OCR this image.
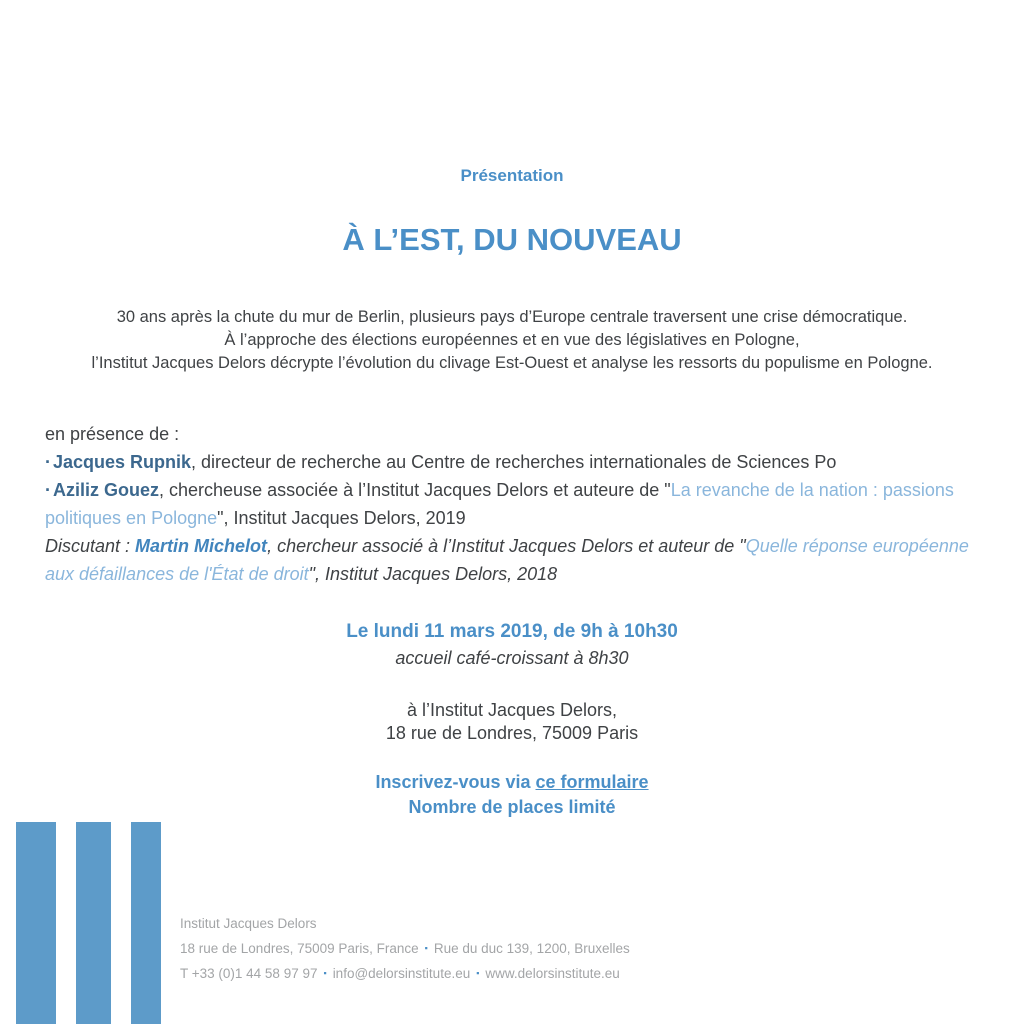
Présentation
À L’EST, DU NOUVEAU
30 ans après la chute du mur de Berlin, plusieurs pays d’Europe centrale traversent une crise démocratique.
À l’approche des élections européennes et en vue des législatives en Pologne,
l’Institut Jacques Delors décrypte l’évolution du clivage Est-Ouest et analyse les ressorts du populisme en Pologne.
en présence de :
· Jacques Rupnik, directeur de recherche au Centre de recherches internationales de Sciences Po
· Aziliz Gouez, chercheuse associée à l’Institut Jacques Delors et auteure de "La revanche de la nation : passions politiques en Pologne", Institut Jacques Delors, 2019
Discutant : Martin Michelot, chercheur associé à l’Institut Jacques Delors et auteur de "Quelle réponse européenne aux défaillances de l'État de droit", Institut Jacques Delors, 2018
Le lundi 11 mars 2019, de 9h à 10h30
accueil café-croissant à 8h30
à l’Institut Jacques Delors,
18 rue de Londres, 75009 Paris
Inscrivez-vous via ce formulaire
Nombre de places limité
Institut Jacques Delors
18 rue de Londres, 75009 Paris, France ▪ Rue du duc 139, 1200, Bruxelles
T +33 (0)1 44 58 97 97 ▪ info@delorsinstitute.eu ▪ www.delorsinstitute.eu
